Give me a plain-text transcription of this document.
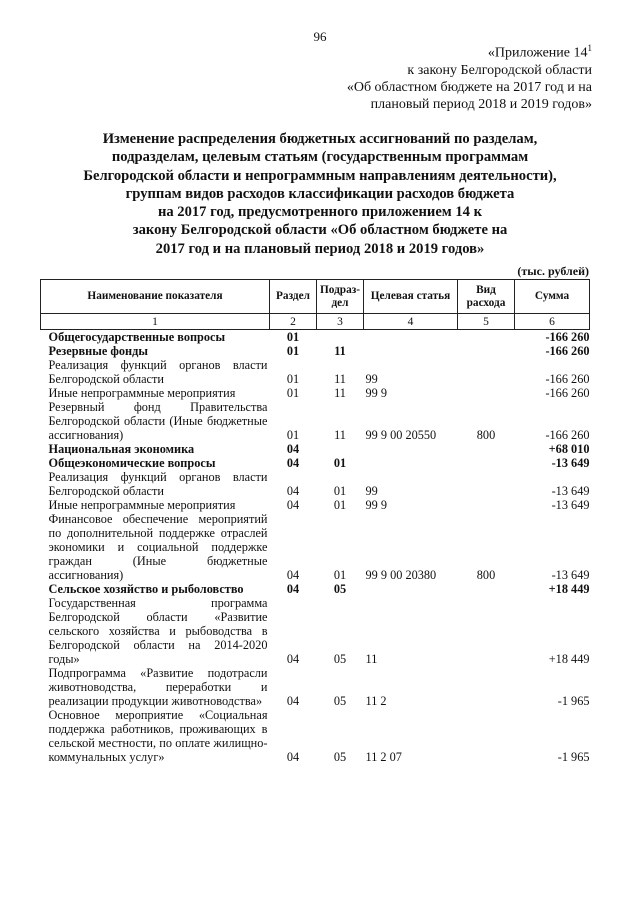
96
«Приложение $14^1$
к закону Белгородской области
«Об областном бюджете на 2017 год и на
плановый период 2018 и 2019 годов»
Изменение распределения бюджетных ассигнований по разделам,
подразделам, целевым статьям (государственным программам
Белгородской области и непрограммным направлениям деятельности),
группам видов расходов классификации расходов бюджета
на 2017 год, предусмотренного приложением 14 к
закону Белгородской области «Об областном бюджете на
2017 год и на плановый период 2018 и 2019 годов»
(тыс. рублей)
Наименование показателя	Раздел	Подраз-дел	Целевая статья	Вид расхода	Сумма
1	2	3	4	5	6
Общегосударственные вопросы	01				-166 260
Резервные фонды	01	11			-166 260
Реализация функций органов власти Белгородской области	01	11	99		-166 260
Иные непрограммные мероприятия	01	11	99 9		-166 260
Резервный фонд Правительства Белгородской области (Иные бюджетные ассигнования)	01	11	99 9 00 20550	800	-166 260
Национальная экономика	04				+68 010
Общеэкономические вопросы	04	01			-13 649
Реализация функций органов власти Белгородской области	04	01	99		-13 649
Иные непрограммные мероприятия	04	01	99 9		-13 649
Финансовое обеспечение мероприятий по дополнительной поддержке отраслей экономики и социальной поддержке граждан (Иные бюджетные ассигнования)	04	01	99 9 00 20380	800	-13 649
Сельское хозяйство и рыболовство	04	05			+18 449
Государственная программа Белгородской области «Развитие сельского хозяйства и рыбоводства в Белгородской области на 2014-2020 годы»	04	05	11		+18 449
Подпрограмма «Развитие подотрасли животноводства, переработки и реализации продукции животноводства»	04	05	11 2		-1 965
Основное мероприятие «Социальная поддержка работников, проживающих в сельской местности, по оплате жилищно-коммунальных услуг»	04	05	11 2 07		-1 965
